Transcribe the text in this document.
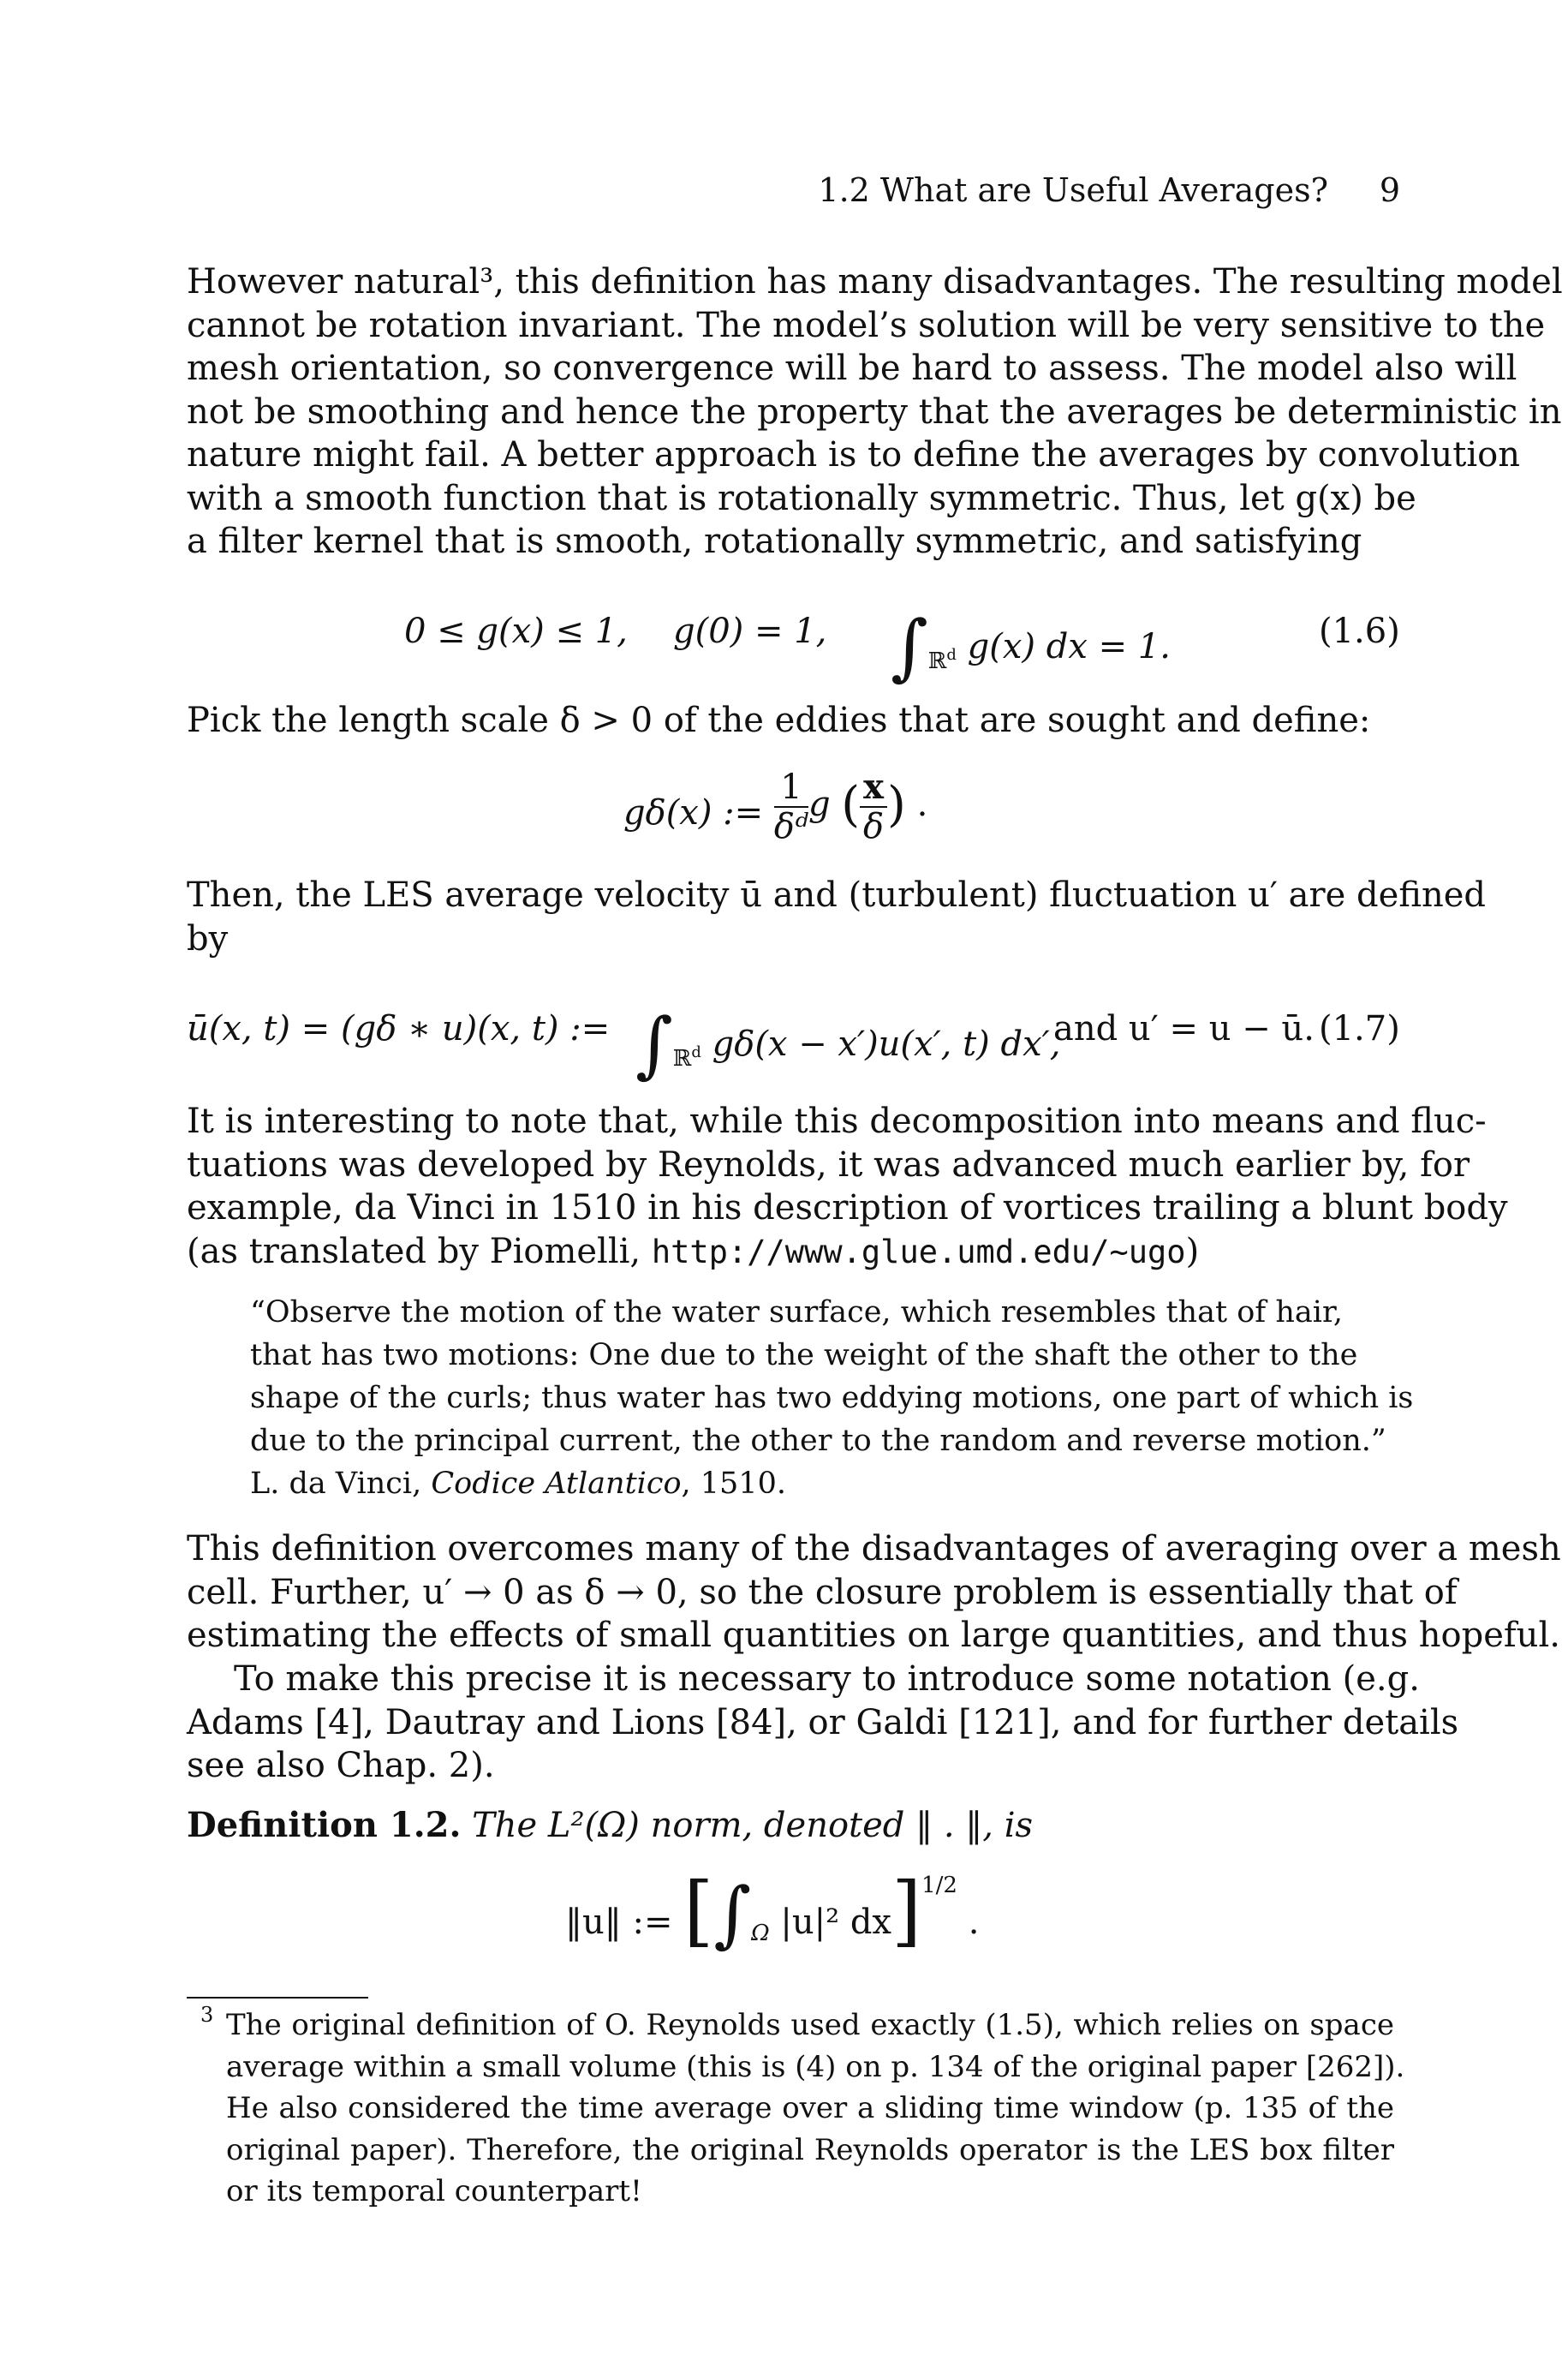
1.2 What are Useful Averages? 9
However natural³, this definition has many disadvantages. The resulting model
cannot be rotation invariant. The model’s solution will be very sensitive to the
mesh orientation, so convergence will be hard to assess. The model also will
not be smoothing and hence the property that the averages be deterministic in
nature might fail. A better approach is to define the averages by convolution
with a smooth function that is rotationally symmetric. Thus, let g(x) be
a filter kernel that is smooth, rotationally symmetric, and satisfying
0 ≤ g(x) ≤ 1, g(0) = 1, $\int_ℝd$ g(x) dx = 1.	(1.6)
Pick the length scale δ > 0 of the eddies that are sought and define:
gδ(x) := $\frac{1}{\text{δᵈ}}$ g ( $\frac{x}{\delta}$ ) .
Then, the LES average velocity ū and (turbulent) fluctuation u′ are defined
by
ū(x, t) = (gδ ∗ u)(x, t) := $\int_ℝd$ gδ(x − x′)u(x′, t) dx′,
and u′ = u − ū. (1.7)
It is interesting to note that, while this decomposition into means and fluc-
tuations was developed by Reynolds, it was advanced much earlier by, for
example, da Vinci in 1510 in his description of vortices trailing a blunt body
(as translated by Piomelli, http://www.glue.umd.edu/∼ugo)
“Observe the motion of the water surface, which resembles that of hair,
that has two motions: One due to the weight of the shaft the other to the
shape of the curls; thus water has two eddying motions, one part of which is
due to the principal current, the other to the random and reverse motion.”
L. da Vinci, Codice Atlantico, 1510.
This definition overcomes many of the disadvantages of averaging over a mesh
cell. Further, u′ → 0 as δ → 0, so the closure problem is essentially that of
estimating the effects of small quantities on large quantities, and thus hopeful.
To make this precise it is necessary to introduce some notation (e.g.
Adams [4], Dautray and Lions [84], or Galdi [121], and for further details
see also Chap. 2).
Definition 1.2. The L²(Ω) norm, denoted ‖ . ‖, is
‖u‖ := [$\int_\Omega$ |u|² dx]$^{1/2}$ .
3 The original definition of O. Reynolds used exactly (1.5), which relies on space
average within a small volume (this is (4) on p. 134 of the original paper [262]).
He also considered the time average over a sliding time window (p. 135 of the
original paper). Therefore, the original Reynolds operator is the LES box filter
or its temporal counterpart!
